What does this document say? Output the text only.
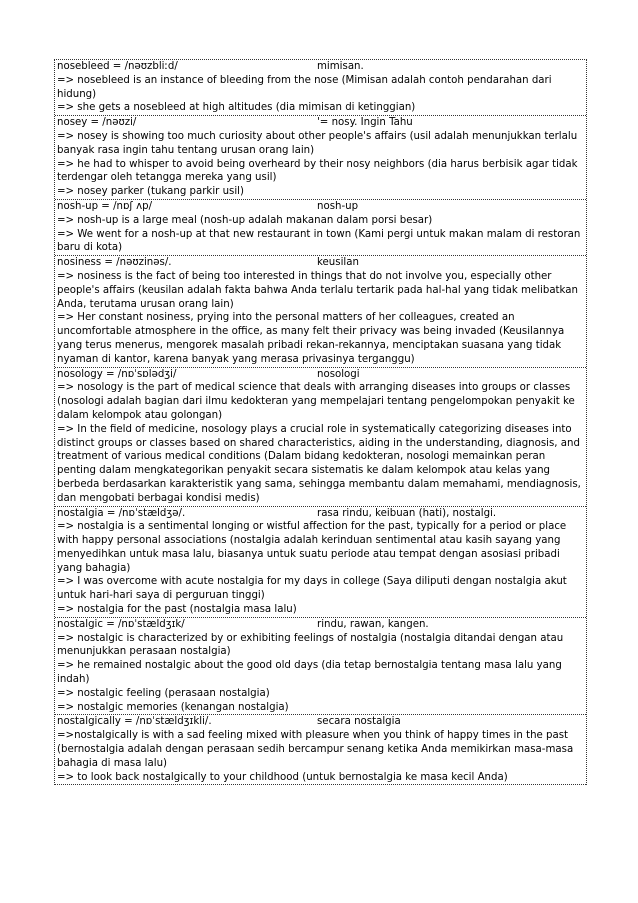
nosebleed = /nəʊzbliːd/	mimisan.
=> nosebleed is an instance of bleeding from the nose (Mimisan adalah contoh pendarahan dari hidung)
=> she gets a nosebleed at high altitudes (dia mimisan di ketinggian)
nosey = /nəʊzi/	'= nosy. Ingin Tahu
=> nosey is showing too much curiosity about other people's affairs (usil adalah menunjukkan terlalu banyak rasa ingin tahu tentang urusan orang lain)
=> he had to whisper to avoid being overheard by their nosy neighbors (dia harus berbisik agar tidak terdengar oleh tetangga mereka yang usil)
=> nosey parker (tukang parkir usil)
nosh-up = /nɒʃ ʌp/	nosh-up
=> nosh-up is a large meal (nosh-up adalah makanan dalam porsi besar)
=> We went for a nosh-up at that new restaurant in town (Kami pergi untuk makan malam di restoran baru di kota)
nosiness = /nəʊzinəs/.	keusilan
=> nosiness is the fact of being too interested in things that do not involve you, especially other people's affairs (keusilan adalah fakta bahwa Anda terlalu tertarik pada hal-hal yang tidak melibatkan Anda, terutama urusan orang lain)
=> Her constant nosiness, prying into the personal matters of her colleagues, created an uncomfortable atmosphere in the office, as many felt their privacy was being invaded (Keusilannya yang terus menerus, mengorek masalah pribadi rekan-rekannya, menciptakan suasana yang tidak nyaman di kantor, karena banyak yang merasa privasinya terganggu)
nosology = /nɒˈsɒlədʒi/	nosologi
=> nosology is the part of medical science that deals with arranging diseases into groups or classes (nosologi adalah bagian dari ilmu kedokteran yang mempelajari tentang pengelompokan penyakit ke dalam kelompok atau golongan)
=> In the field of medicine, nosology plays a crucial role in systematically categorizing diseases into distinct groups or classes based on shared characteristics, aiding in the understanding, diagnosis, and treatment of various medical conditions (Dalam bidang kedokteran, nosologi memainkan peran penting dalam mengkategorikan penyakit secara sistematis ke dalam kelompok atau kelas yang berbeda berdasarkan karakteristik yang sama, sehingga membantu dalam memahami, mendiagnosis, dan mengobati berbagai kondisi medis)
nostalgia = /nɒˈstældʒə/.	rasa rindu, keibuan (hati), nostalgi.
=> nostalgia is a sentimental longing or wistful affection for the past, typically for a period or place with happy personal associations (nostalgia adalah kerinduan sentimental atau kasih sayang yang menyedihkan untuk masa lalu, biasanya untuk suatu periode atau tempat dengan asosiasi pribadi yang bahagia)
=> I was overcome with acute nostalgia for my days in college (Saya diliputi dengan nostalgia akut untuk hari-hari saya di perguruan tinggi)
=> nostalgia for the past (nostalgia masa lalu)
nostalgic = /nɒˈstældʒɪk/	rindu, rawan, kangen.
=> nostalgic is characterized by or exhibiting feelings of nostalgia (nostalgia ditandai dengan atau menunjukkan perasaan nostalgia)
=> he remained nostalgic about the good old days (dia tetap bernostalgia tentang masa lalu yang indah)
=> nostalgic feeling (perasaan nostalgia)
=> nostalgic memories (kenangan nostalgia)
nostalgically = /nɒˈstældʒɪkli/.	secara nostalgia
=>nostalgically is with a sad feeling mixed with pleasure when you think of happy times in the past (bernostalgia adalah dengan perasaan sedih bercampur senang ketika Anda memikirkan masa-masa bahagia di masa lalu)
=> to look back nostalgically to your childhood (untuk bernostalgia ke masa kecil Anda)
